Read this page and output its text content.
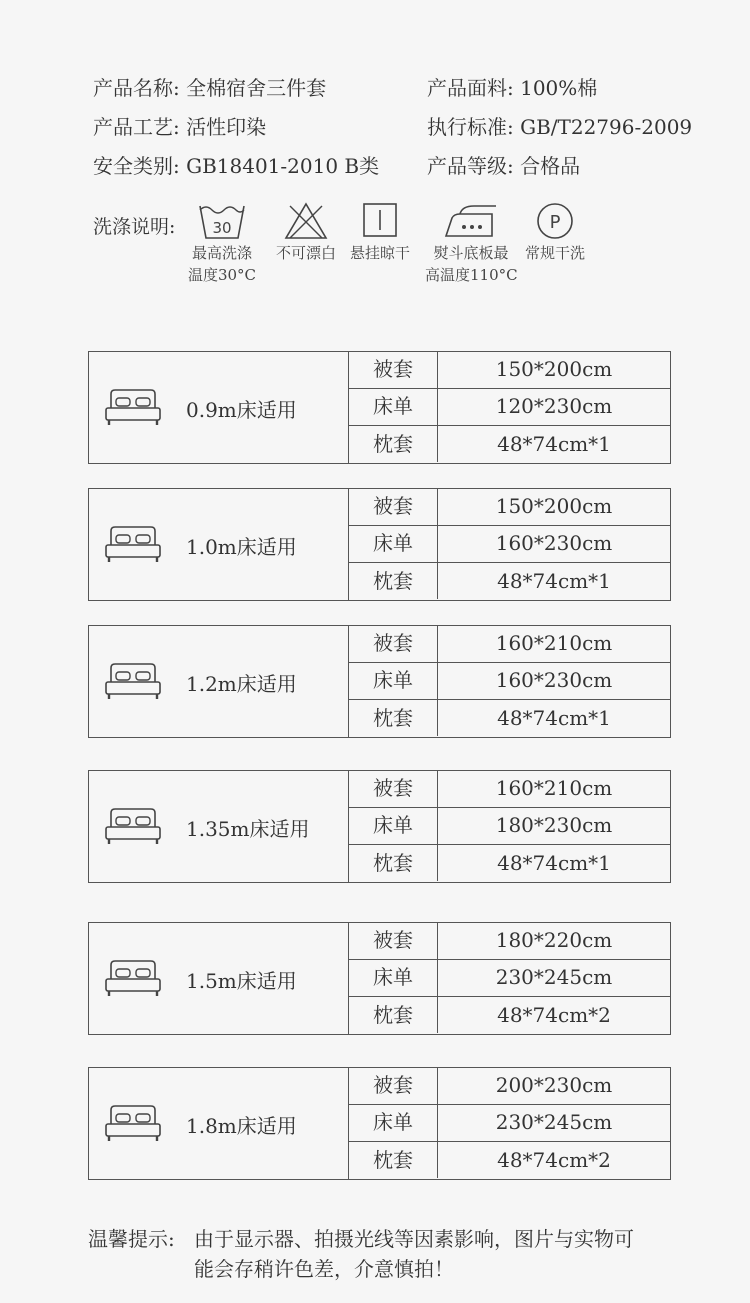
产品名称: 全棉宿舍三件套	产品面料: 100%棉
产品工艺: 活性印染	执行标准: GB/T22796-2009
安全类别: GB18401-2010 B类 产品等级: 合格品
洗涤说明: 30
最高洗涤
温度30°C
不可漂白 悬挂晾干	熨斗底板最
高温度110°C
P
常规干洗
0.9m床适用
被套	150*200cm
床单	120*230cm
枕套	48*74cm*1
1.0m床适用
被套	150*200cm
床单	160*230cm
枕套	48*74cm*1
1.2m床适用
被套	160*210cm
床单	160*230cm
枕套	48*74cm*1
1.35m床适用
被套	160*210cm
床单	180*230cm
枕套	48*74cm*1
1.5m床适用
被套	180*220cm
床单	230*245cm
枕套	48*74cm*2
1.8m床适用
被套	200*230cm
床单	230*245cm
枕套	48*74cm*2
温馨提示: 由于显示器、拍摄光线等因素影响，图片与实物可
能会存稍许色差，介意慎拍！
